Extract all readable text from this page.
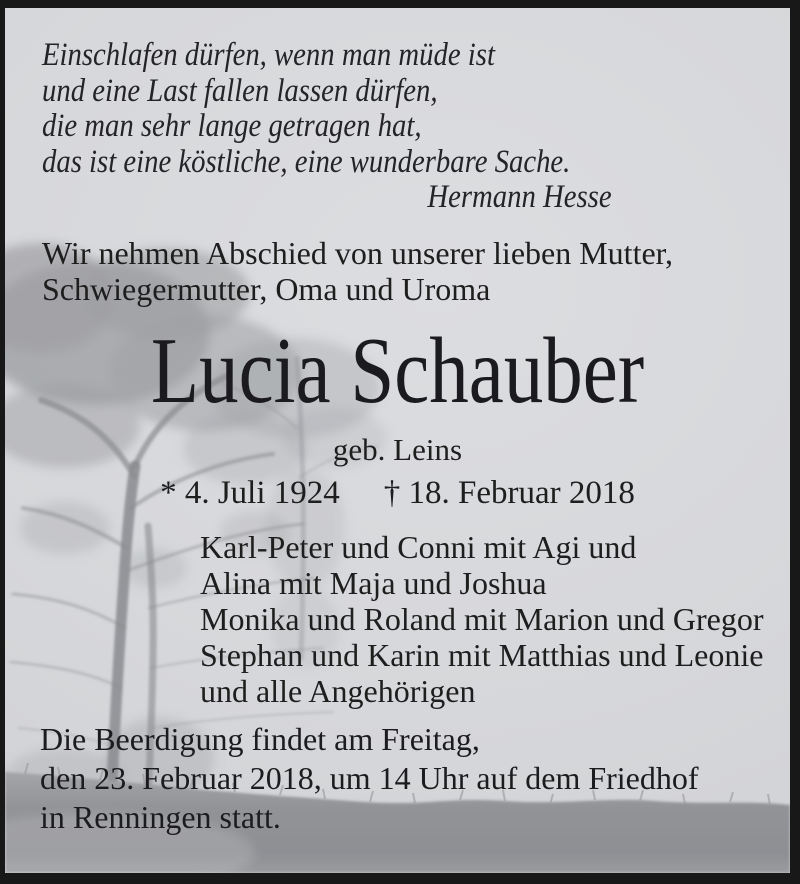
Einschlafen dürfen, wenn man müde ist
und eine Last fallen lassen dürfen,
die man sehr lange getragen hat,
das ist eine köstliche, eine wunderbare Sache.
Hermann Hesse
Wir nehmen Abschied von unserer lieben Mutter,
Schwiegermutter, Oma und Uroma
Lucia Schauber
geb. Leins
* 4. Juli 1924 † 18. Februar 2018
Karl-Peter und Conni mit Agi und
Alina mit Maja und Joshua
Monika und Roland mit Marion und Gregor
Stephan und Karin mit Matthias und Leonie
und alle Angehörigen
Die Beerdigung findet am Freitag,
den 23. Februar 2018, um 14 Uhr auf dem Friedhof
in Renningen statt.
